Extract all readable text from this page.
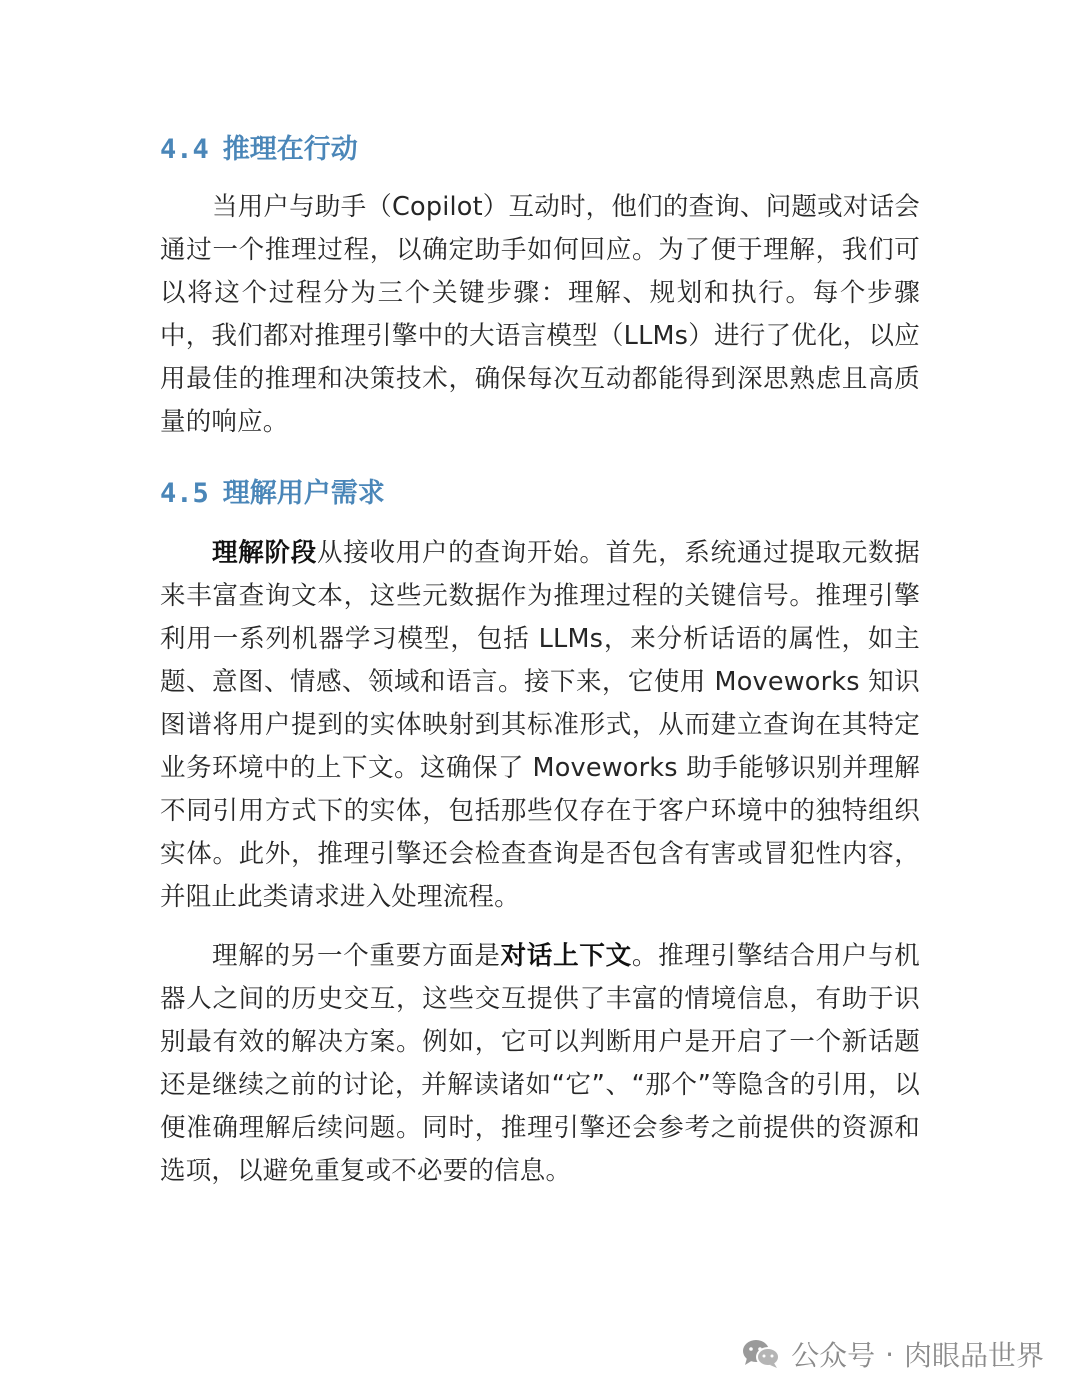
4.4 推理在行动

当用户与助手（Copilot）互动时，他们的查询、问题或对话会通过一个推理过程，以确定助手如何回应。为了便于理解，我们可以将这个过程分为三个关键步骤：理解、规划和执行。每个步骤中，我们都对推理引擎中的大语言模型（LLMs）进行了优化，以应用最佳的推理和决策技术，确保每次互动都能得到深思熟虑且高质量的响应。

4.5 理解用户需求

理解阶段从接收用户的查询开始。首先，系统通过提取元数据来丰富查询文本，这些元数据作为推理过程的关键信号。推理引擎利用一系列机器学习模型，包括 LLMs，来分析话语的属性，如主题、意图、情感、领域和语言。接下来，它使用 Moveworks 知识图谱将用户提到的实体映射到其标准形式，从而建立查询在其特定业务环境中的上下文。这确保了 Moveworks 助手能够识别并理解不同引用方式下的实体，包括那些仅存在于客户环境中的独特组织实体。此外，推理引擎还会检查查询是否包含有害或冒犯性内容，并阻止此类请求进入处理流程。

理解的另一个重要方面是对话上下文。推理引擎结合用户与机器人之间的历史交互，这些交互提供了丰富的情境信息，有助于识别最有效的解决方案。例如，它可以判断用户是开启了一个新话题还是继续之前的讨论，并解读诸如“它”、“那个”等隐含的引用，以便准确理解后续问题。同时，推理引擎还会参考之前提供的资源和选项，以避免重复或不必要的信息。

公众号 · 肉眼品世界
